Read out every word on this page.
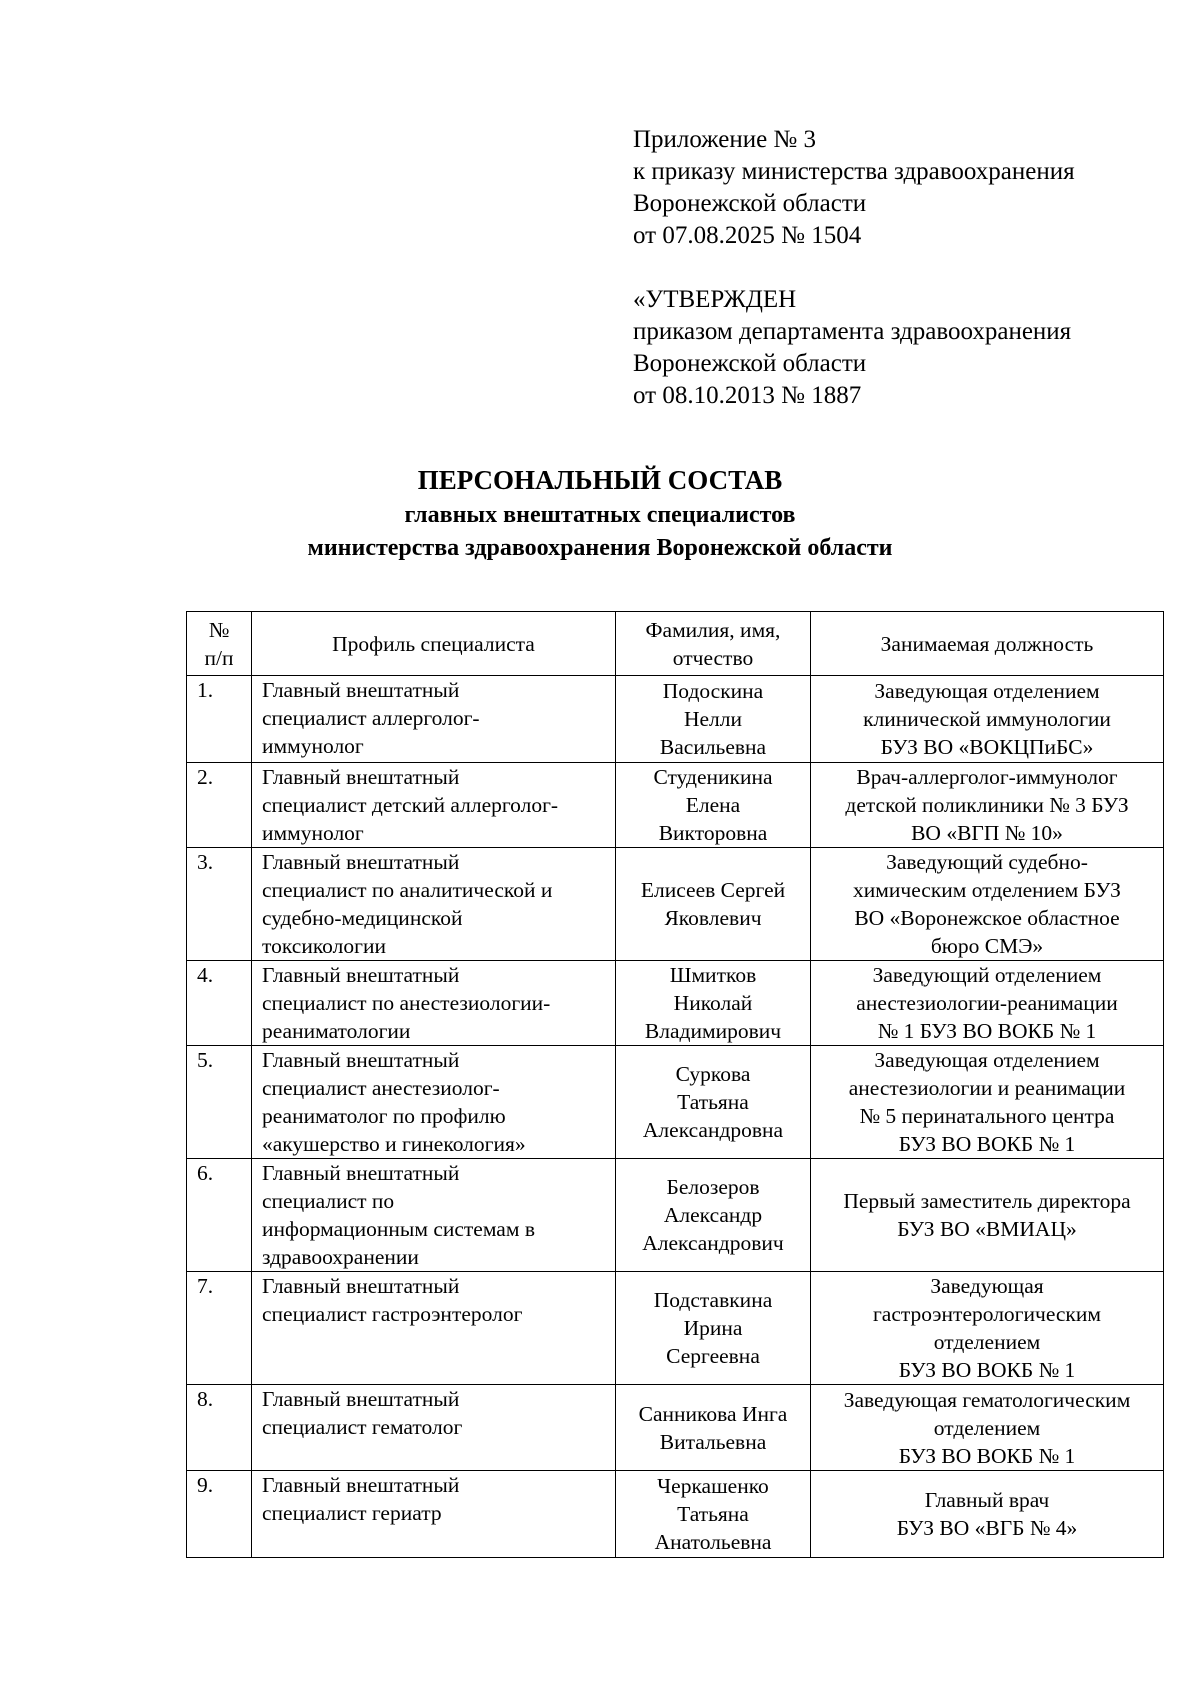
Приложение № 3
к приказу министерства здравоохранения
Воронежской области
от 07.08.2025 № 1504
«УТВЕРЖДЕН
приказом департамента здравоохранения
Воронежской области
от 08.10.2013 № 1887
ПЕРСОНАЛЬНЫЙ СОСТАВ
главных внештатных специалистов
министерства здравоохранения Воронежской области
№
п/п	Профиль специалиста	Фамилия, имя,
отчество	Занимаемая должность
1.	Главный внештатный
специалист аллерголог-
иммунолог	Подоскина
Нелли
Васильевна	Заведующая отделением
клинической иммунологии
БУЗ ВО «ВОКЦПиБС»
2.	Главный внештатный
специалист детский аллерголог-
иммунолог	Студеникина
Елена
Викторовна	Врач-аллерголог-иммунолог
детской поликлиники № 3 БУЗ
ВО «ВГП № 10»
3.	Главный внештатный
специалист по аналитической и
судебно-медицинской
токсикологии	Елисеев Сергей
Яковлевич	Заведующий судебно-
химическим отделением БУЗ
ВО «Воронежское областное
бюро СМЭ»
4.	Главный внештатный
специалист по анестезиологии-
реаниматологии	Шмитков
Николай
Владимирович	Заведующий отделением
анестезиологии-реанимации
№ 1 БУЗ ВО ВОКБ № 1
5.	Главный внештатный
специалист анестезиолог-
реаниматолог по профилю
«акушерство и гинекология»	Суркова
Татьяна
Александровна	Заведующая отделением
анестезиологии и реанимации
№ 5 перинатального центра
БУЗ ВО ВОКБ № 1
6.	Главный внештатный
специалист по
информационным системам в
здравоохранении	Белозеров
Александр
Александрович	Первый заместитель директора
БУЗ ВО «ВМИАЦ»
7.	Главный внештатный
специалист гастроэнтеролог	Подставкина
Ирина
Сергеевна	Заведующая
гастроэнтерологическим
отделением
БУЗ ВО ВОКБ № 1
8.	Главный внештатный
специалист гематолог	Санникова Инга
Витальевна	Заведующая гематологическим
отделением
БУЗ ВО ВОКБ № 1
9.	Главный внештатный
специалист гериатр	Черкашенко
Татьяна
Анатольевна	Главный врач
БУЗ ВО «ВГБ № 4»
